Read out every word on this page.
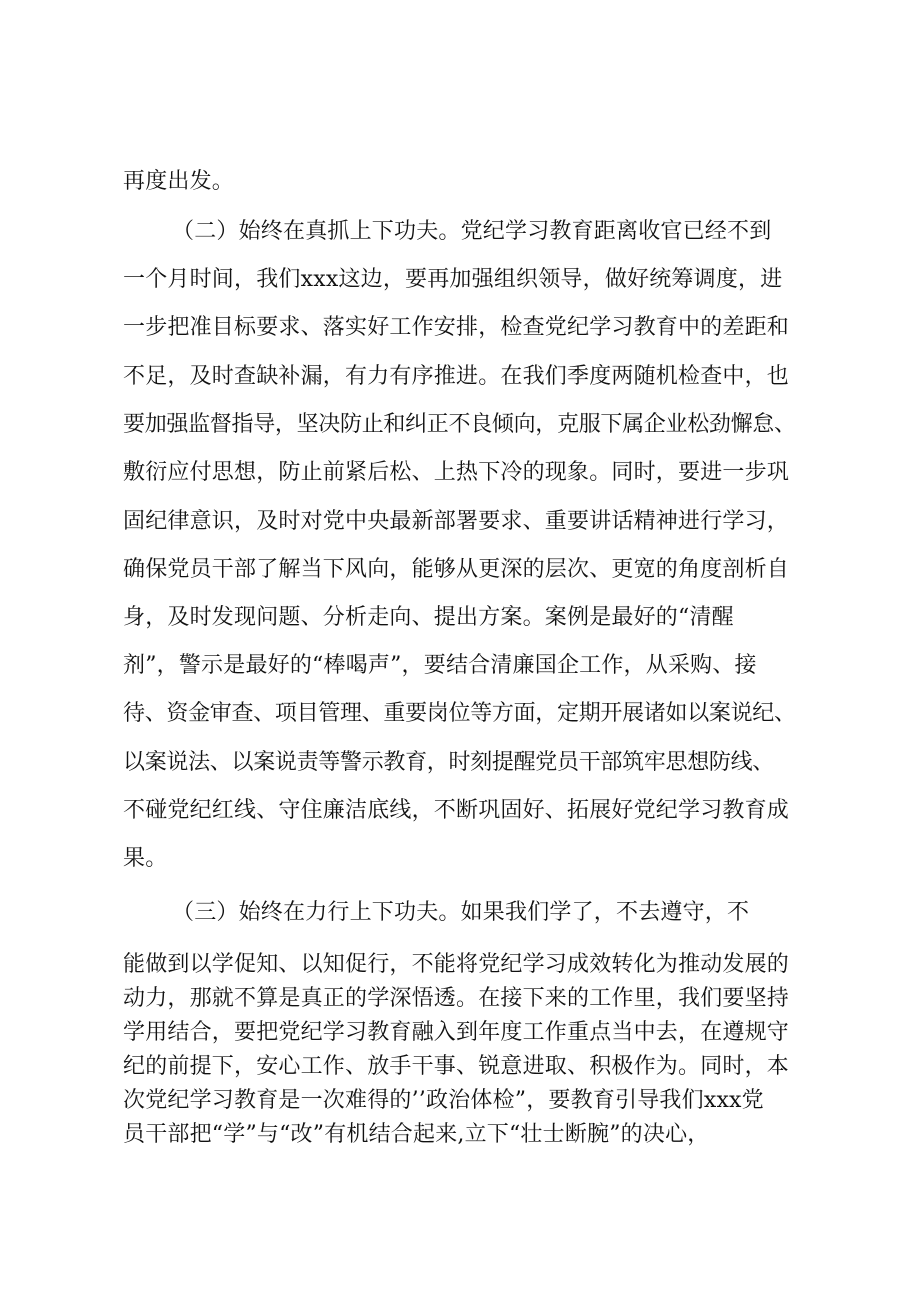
再度出发。
（二）始终在真抓上下功夫。党纪学习教育距离收官已经不到
一个月时间，我们xxx这边，要再加强组织领导，做好统筹调度，进
一步把准目标要求、落实好工作安排，检查党纪学习教育中的差距和
不足，及时查缺补漏，有力有序推进。在我们季度两随机检查中，也
要加强监督指导，坚决防止和纠正不良倾向，克服下属企业松劲懈怠、
敷衍应付思想，防止前紧后松、上热下冷的现象。同时，要进一步巩
固纪律意识，及时对党中央最新部署要求、重要讲话精神进行学习，
确保党员干部了解当下风向，能够从更深的层次、更宽的角度剖析自
身，及时发现问题、分析走向、提出方案。案例是最好的“清醒
剂”，警示是最好的“棒喝声”，要结合清廉国企工作，从采购、接
待、资金审查、项目管理、重要岗位等方面，定期开展诸如以案说纪、
以案说法、以案说责等警示教育，时刻提醒党员干部筑牢思想防线、
不碰党纪红线、守住廉洁底线，不断巩固好、拓展好党纪学习教育成
果。
（三）始终在力行上下功夫。如果我们学了，不去遵守，不
能做到以学促知、以知促行，不能将党纪学习成效转化为推动发展的
动力，那就不算是真正的学深悟透。在接下来的工作里，我们要坚持
学用结合，要把党纪学习教育融入到年度工作重点当中去，在遵规守
纪的前提下，安心工作、放手干事、锐意进取、积极作为。同时，本
次党纪学习教育是一次难得的’’政治体检”，要教育引导我们xxx党
员干部把“学”与“改”有机结合起来,立下“壮士断腕”的决心，
